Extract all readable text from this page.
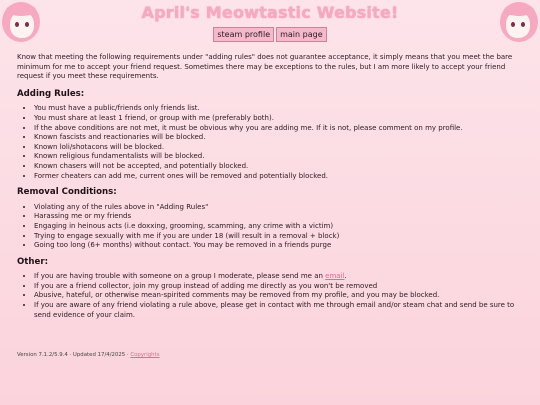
April's Meowtastic Website!
steam profile main page

Know that meeting the following requirements under "adding rules" does not guarantee acceptance, it simply means that you meet the bare minimum for me to accept your friend request. Sometimes there may be exceptions to the rules, but I am more likely to accept your friend request if you meet these requirements.

Adding Rules:
• You must have a public/friends only friends list.
• You must share at least 1 friend, or group with me (preferably both).
• If the above conditions are not met, it must be obvious why you are adding me. If it is not, please comment on my profile.
• Known fascists and reactionaries will be blocked.
• Known loli/shotacons will be blocked.
• Known religious fundamentalists will be blocked.
• Known chasers will not be accepted, and potentially blocked.
• Former cheaters can add me, current ones will be removed and potentially blocked.
Removal Conditions:
• Violating any of the rules above in "Adding Rules"
• Harassing me or my friends
• Engaging in heinous acts (i.e doxxing, grooming, scamming, any crime with a victim)
• Trying to engage sexually with me if you are under 18 (will result in a removal + block)
• Going too long (6+ months) without contact. You may be removed in a friends purge
Other:
• If you are having trouble with someone on a group I moderate, please send me an email.
• If you are a friend collector, join my group instead of adding me directly as you won't be removed
• Abusive, hateful, or otherwise mean-spirited comments may be removed from my profile, and you may be blocked.
• If you are aware of any friend violating a rule above, please get in contact with me through email and/or steam chat and send be sure to send evidence of your claim.
Version 7.1.2/5.9.4 · Updated 17/4/2025 · Copyrights
